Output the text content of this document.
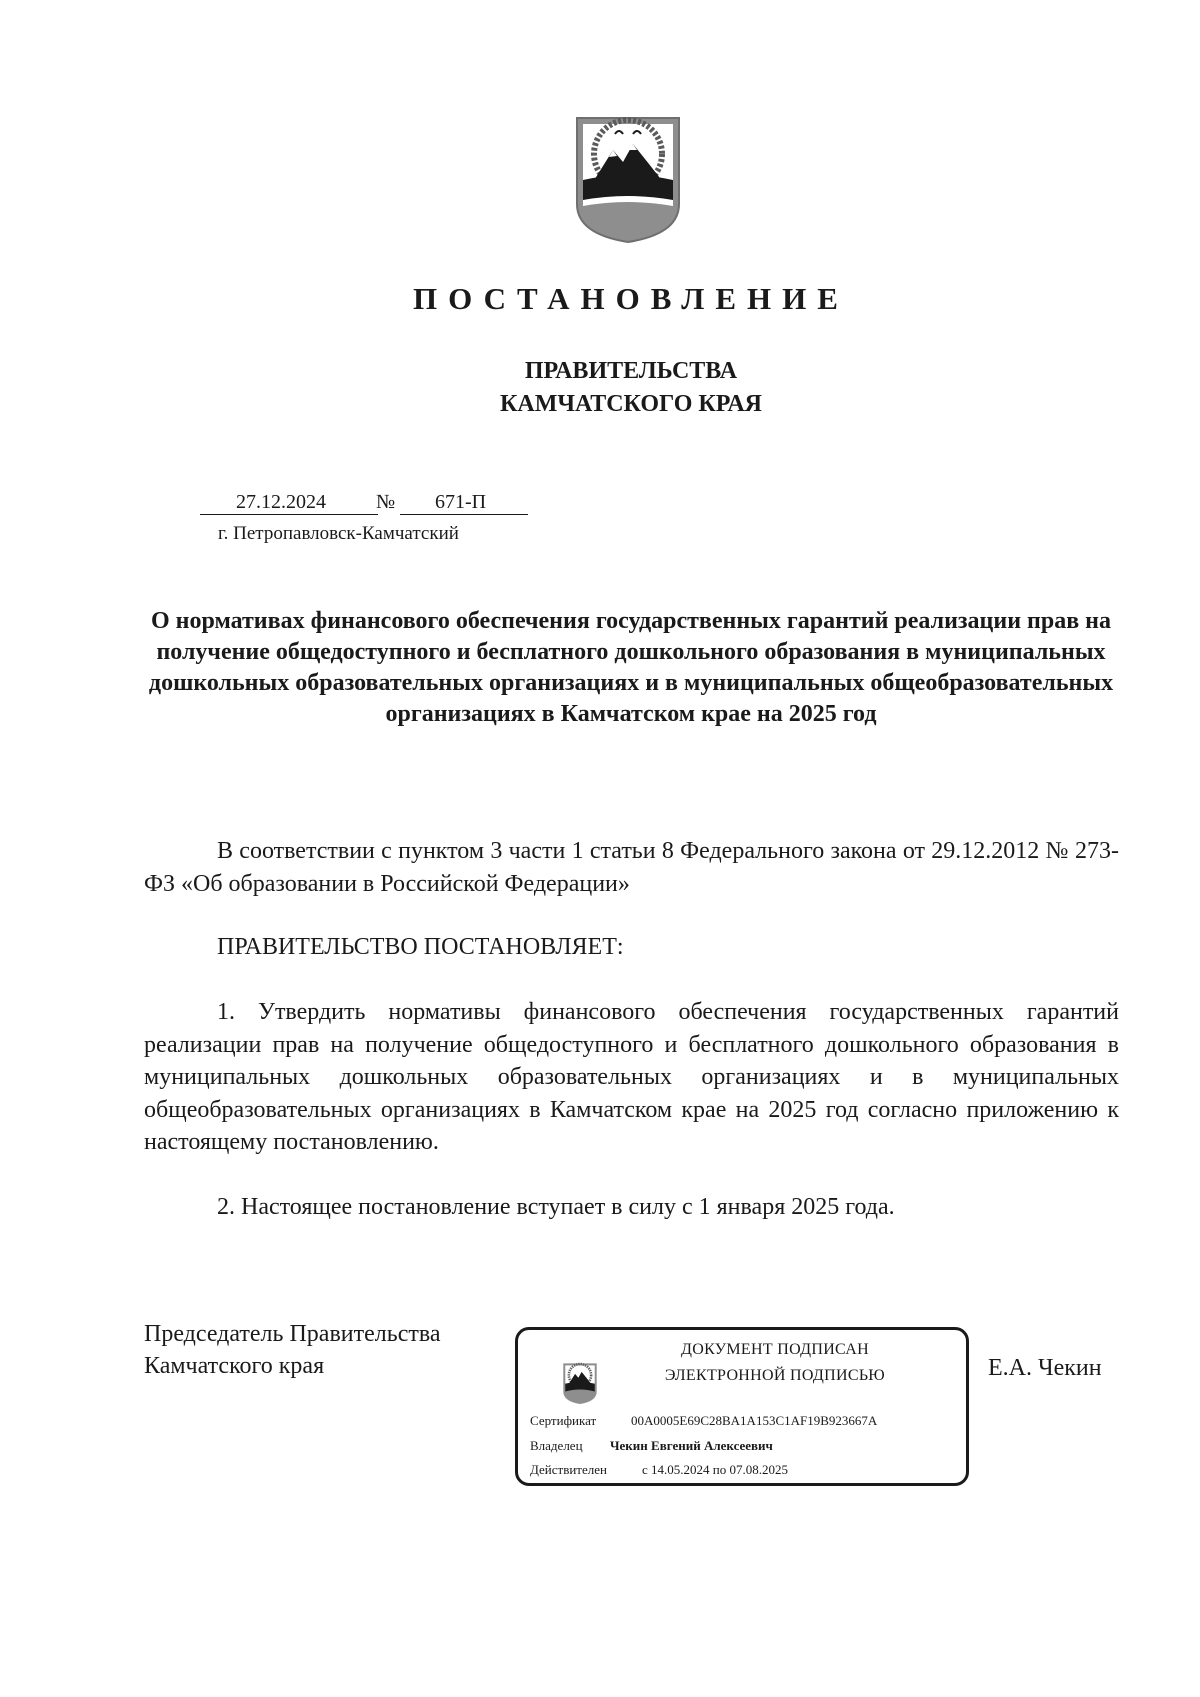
ПОСТАНОВЛЕНИЕ
ПРАВИТЕЛЬСТВА
КАМЧАТСКОГО КРАЯ
27.12.2024	№ 671-П
г. Петропавловск-Камчатский
О нормативах финансового обеспечения государственных гарантий реализации прав на получение общедоступного и бесплатного дошкольного образования в муниципальных дошкольных образовательных организациях и в муниципальных общеобразовательных организациях в Камчатском крае на 2025 год
В соответствии с пунктом 3 части 1 статьи 8 Федерального закона от 29.12.2012 № 273-ФЗ «Об образовании в Российской Федерации»
ПРАВИТЕЛЬСТВО ПОСТАНОВЛЯЕТ:
1. Утвердить нормативы финансового обеспечения государственных гарантий реализации прав на получение общедоступного и бесплатного дошкольного образования в муниципальных дошкольных образовательных организациях и в муниципальных общеобразовательных организациях в Камчатском крае на 2025 год согласно приложению к настоящему постановлению.
2. Настоящее постановление вступает в силу с 1 января 2025 года.
Председатель Правительства
Камчатского края	Е.А. Чекин
ДОКУМЕНТ ПОДПИСАН
ЭЛЕКТРОННОЙ ПОДПИСЬЮ
Сертификат	00A0005E69C28BA1A153C1AF19B923667A
Владелец Чекин Евгений Алексеевич
Действителен	с 14.05.2024 по 07.08.2025
